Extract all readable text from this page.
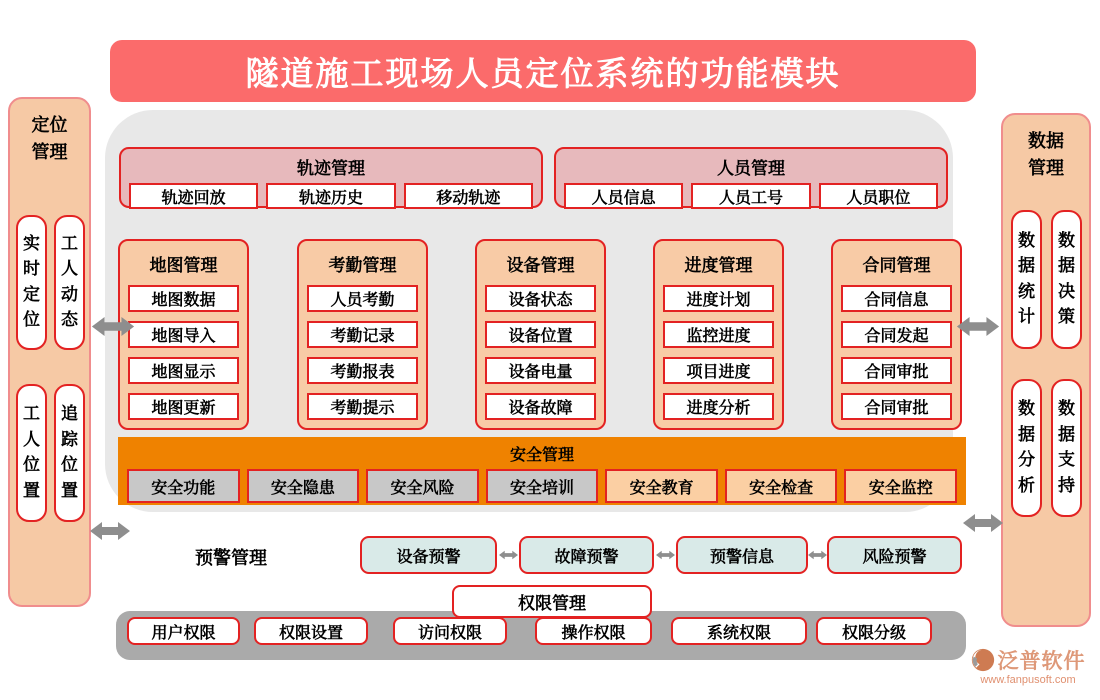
隧道施工现场人员定位系统的功能模块
定位管理
实时定位
工人动态
工人位置
追踪位置
数据管理
数据统计
数据决策
数据分析
数据支持
轨迹管理
轨迹回放	轨迹历史	移动轨迹
人员管理
人员信息	人员工号	人员职位
地图管理
地图数据
地图导入
地图显示
地图更新
考勤管理
人员考勤
考勤记录
考勤报表
考勤提示
设备管理
设备状态
设备位置
设备电量
设备故障
进度管理
进度计划
监控进度
项目进度
进度分析
合同管理
合同信息
合同发起
合同审批
合同审批
安全管理
安全功能	安全隐患	安全风险	安全培训	安全教育	安全检查	安全监控
预警管理	设备预警	故障预警	预警信息	风险预警
权限管理
用户权限	权限设置	访问权限	操作权限	系统权限	权限分级
泛普软件
www.fanpusoft.com
